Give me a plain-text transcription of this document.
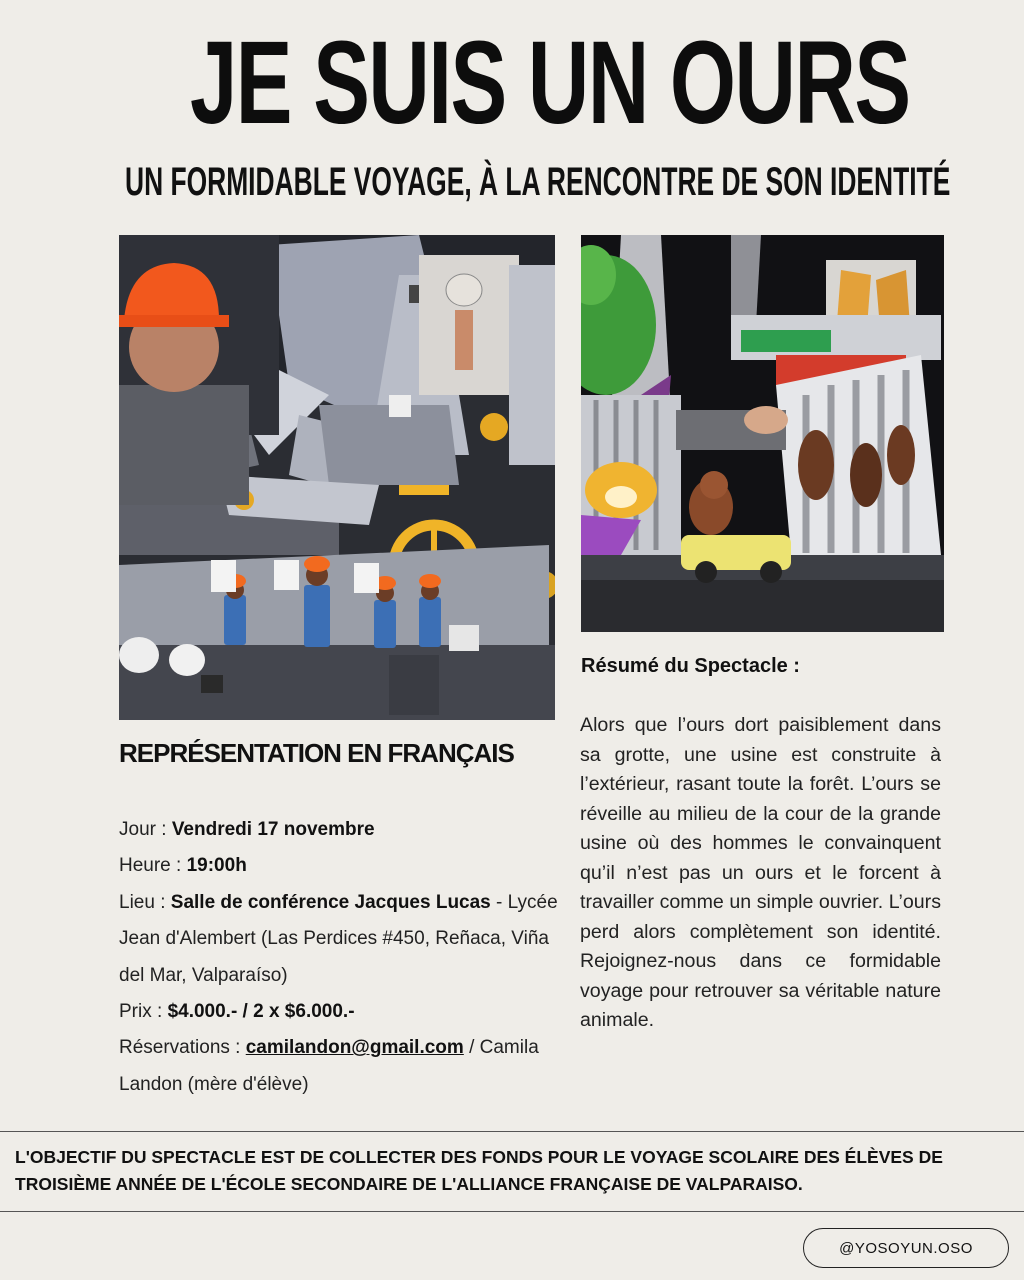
JE SUIS UN OURS
UN FORMIDABLE VOYAGE, À LA RENCONTRE DE SON IDENTITÉ
REPRÉSENTATION EN FRANÇAIS
Jour : Vendredi 17 novembre
Heure : 19:00h
Lieu : Salle de conférence Jacques Lucas - Lycée Jean d'Alembert (Las Perdices #450, Reñaca, Viña del Mar, Valparaíso)
Prix : $4.000.- / 2 x $6.000.-
Réservations : camilandon@gmail.com / Camila Landon (mère d'élève)
Résumé du Spectacle :

Alors que l’ours dort paisiblement dans sa grotte, une usine est construite à l’extérieur, rasant toute la forêt. L’ours se réveille au milieu de la cour de la grande usine où des hommes le convainquent qu’il n’est pas un ours et le forcent à travailler comme un simple ouvrier. L’ours perd alors complètement son identité. Rejoignez-nous dans ce formidable voyage pour retrouver sa véritable nature animale.

L'OBJECTIF DU SPECTACLE EST DE COLLECTER DES FONDS POUR LE VOYAGE SCOLAIRE DES ÉLÈVES DE TROISIÈME ANNÉE DE L'ÉCOLE SECONDAIRE DE L'ALLIANCE FRANÇAISE DE VALPARAISO.

@YOSOYUN.OSO
